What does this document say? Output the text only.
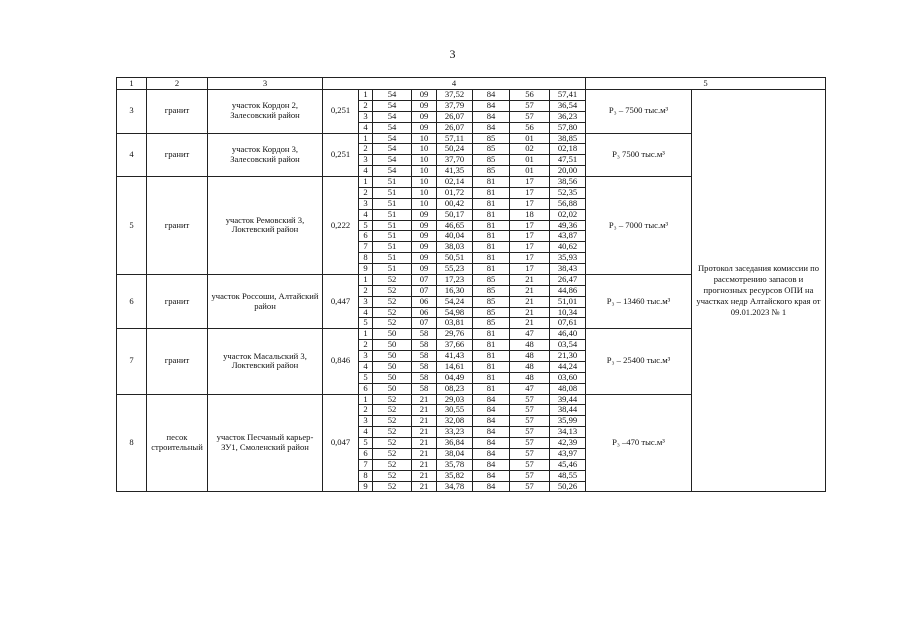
3
1	2	3	4								5	
3	гранит	участок Кордон 2, Залесовский район	0,251	1	54	09	37,52	84	56	57,41	P₃ – 7500 тыс.м³	Протокол заседания комиссии по рассмотрению запасов и прогнозных ресурсов ОПИ на участках недр Алтайского края от 09.01.2023 № 1
				2	54	09	37,79	84	57	36,54		
				3	54	09	26,07	84	57	36,23		
				4	54	09	26,07	84	56	57,80		
4	гранит	участок Кордон 3, Залесовский район	0,251	1	54	10	57,11	85	01	38,85	P₃ 7500 тыс.м³	
				2	54	10	50,24	85	02	02,18		
				3	54	10	37,70	85	01	47,51		
				4	54	10	41,35	85	01	20,00		
5	гранит	участок Ремовский 3, Локтевский район	0,222	1	51	10	02,14	81	17	38,56	P₃ – 7000 тыс.м³	
				2	51	10	01,72	81	17	52,35		
				3	51	10	00,42	81	17	56,88		
				4	51	09	50,17	81	18	02,02		
				5	51	09	46,65	81	17	49,36		
				6	51	09	40,04	81	17	43,87		
				7	51	09	38,03	81	17	40,62		
				8	51	09	50,51	81	17	35,93		
				9	51	09	55,23	81	17	38,43		
6	гранит	участок Россоши, Алтайский район	0,447	1	52	07	17,23	85	21	26,47	P₃ – 13460 тыс.м³	
				2	52	07	16,30	85	21	44,86		
				3	52	06	54,24	85	21	51,01		
				4	52	06	54,98	85	21	10,34		
				5	52	07	03,81	85	21	07,61		
7	гранит	участок Масальский 3, Локтевский район	0,846	1	50	58	29,76	81	47	46,40	P₃ – 25400 тыс.м³	
				2	50	58	37,66	81	48	03,54		
				3	50	58	41,43	81	48	21,30		
				4	50	58	14,61	81	48	44,24		
				5	50	58	04,49	81	48	03,60		
				6	50	58	08,23	81	47	48,08		
8	песок строительный	участок Песчаный карьер-ЗУ1, Смоленский район	0,047	1	52	21	29,03	84	57	39,44	P₃ –470 тыс.м³	
				2	52	21	30,55	84	57	38,44		
				3	52	21	32,08	84	57	35,99		
				4	52	21	33,23	84	57	34,13		
				5	52	21	36,84	84	57	42,39		
				6	52	21	38,04	84	57	43,97		
				7	52	21	35,78	84	57	45,46		
				8	52	21	35,82	84	57	48,55		
				9	52	21	34,78	84	57	50,26		
